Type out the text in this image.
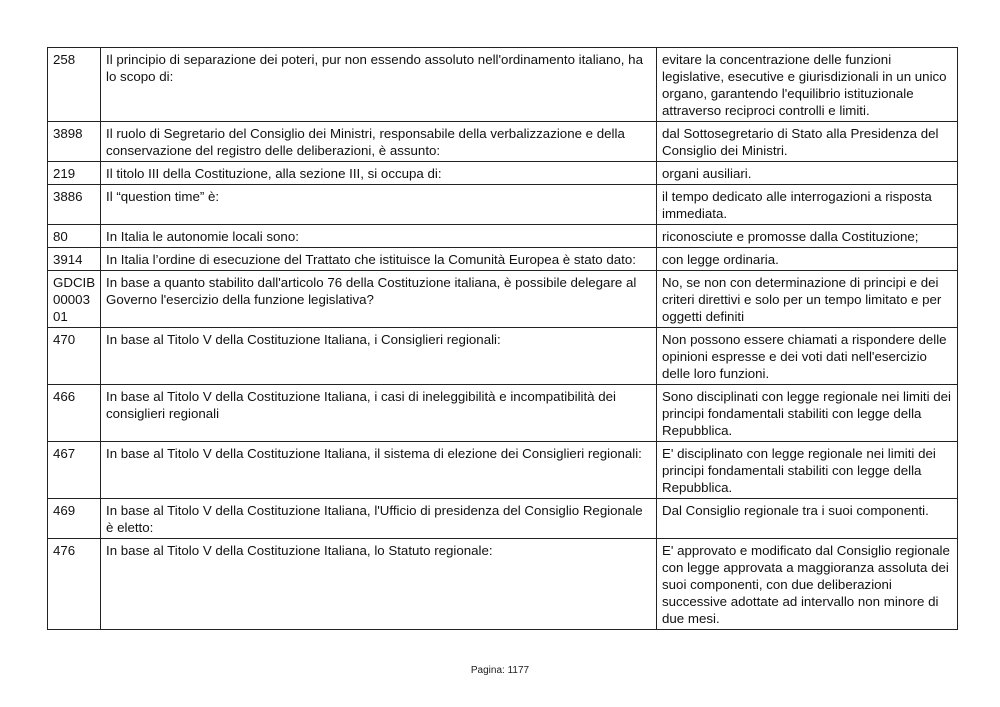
258	Il principio di separazione dei poteri, pur non essendo assoluto nell'ordinamento italiano, ha lo scopo di:	evitare la concentrazione delle funzioni legislative, esecutive e giurisdizionali in un unico organo, garantendo l'equilibrio istituzionale attraverso reciproci controlli e limiti.
3898	Il ruolo di Segretario del Consiglio dei Ministri, responsabile della verbalizzazione e della conservazione del registro delle deliberazioni, è assunto:	dal Sottosegretario di Stato alla Presidenza del Consiglio dei Ministri.
219	Il titolo III della Costituzione, alla sezione III, si occupa di:	organi ausiliari.
3886	Il “question time” è:	il tempo dedicato alle interrogazioni a risposta immediata.
80	In Italia le autonomie locali sono:	riconosciute e promosse dalla Costituzione;
3914	In Italia l’ordine di esecuzione del Trattato che istituisce la Comunità Europea è stato dato:	con legge ordinaria.
GDCIB0000301	In base a quanto stabilito dall'articolo 76 della Costituzione italiana, è possibile delegare al Governo l'esercizio della funzione legislativa?	No, se non con determinazione di principi e dei criteri direttivi e solo per un tempo limitato e per oggetti definiti
470	In base al Titolo V della Costituzione Italiana, i Consiglieri regionali:	Non possono essere chiamati a rispondere delle opinioni espresse e dei voti dati nell'esercizio delle loro funzioni.
466	In base al Titolo V della Costituzione Italiana, i casi di ineleggibilità e incompatibilità dei consiglieri regionali	Sono disciplinati con legge regionale nei limiti dei principi fondamentali stabiliti con legge della Repubblica.
467	In base al Titolo V della Costituzione Italiana, il sistema di elezione dei Consiglieri regionali:	E' disciplinato con legge regionale nei limiti dei principi fondamentali stabiliti con legge della Repubblica.
469	In base al Titolo V della Costituzione Italiana, l'Ufficio di presidenza del Consiglio Regionale è eletto:	Dal Consiglio regionale tra i suoi componenti.
476	In base al Titolo V della Costituzione Italiana, lo Statuto regionale:	E' approvato e modificato dal Consiglio regionale con legge approvata a maggioranza assoluta dei suoi componenti, con due deliberazioni successive adottate ad intervallo non minore di due mesi.
Pagina: 1177
